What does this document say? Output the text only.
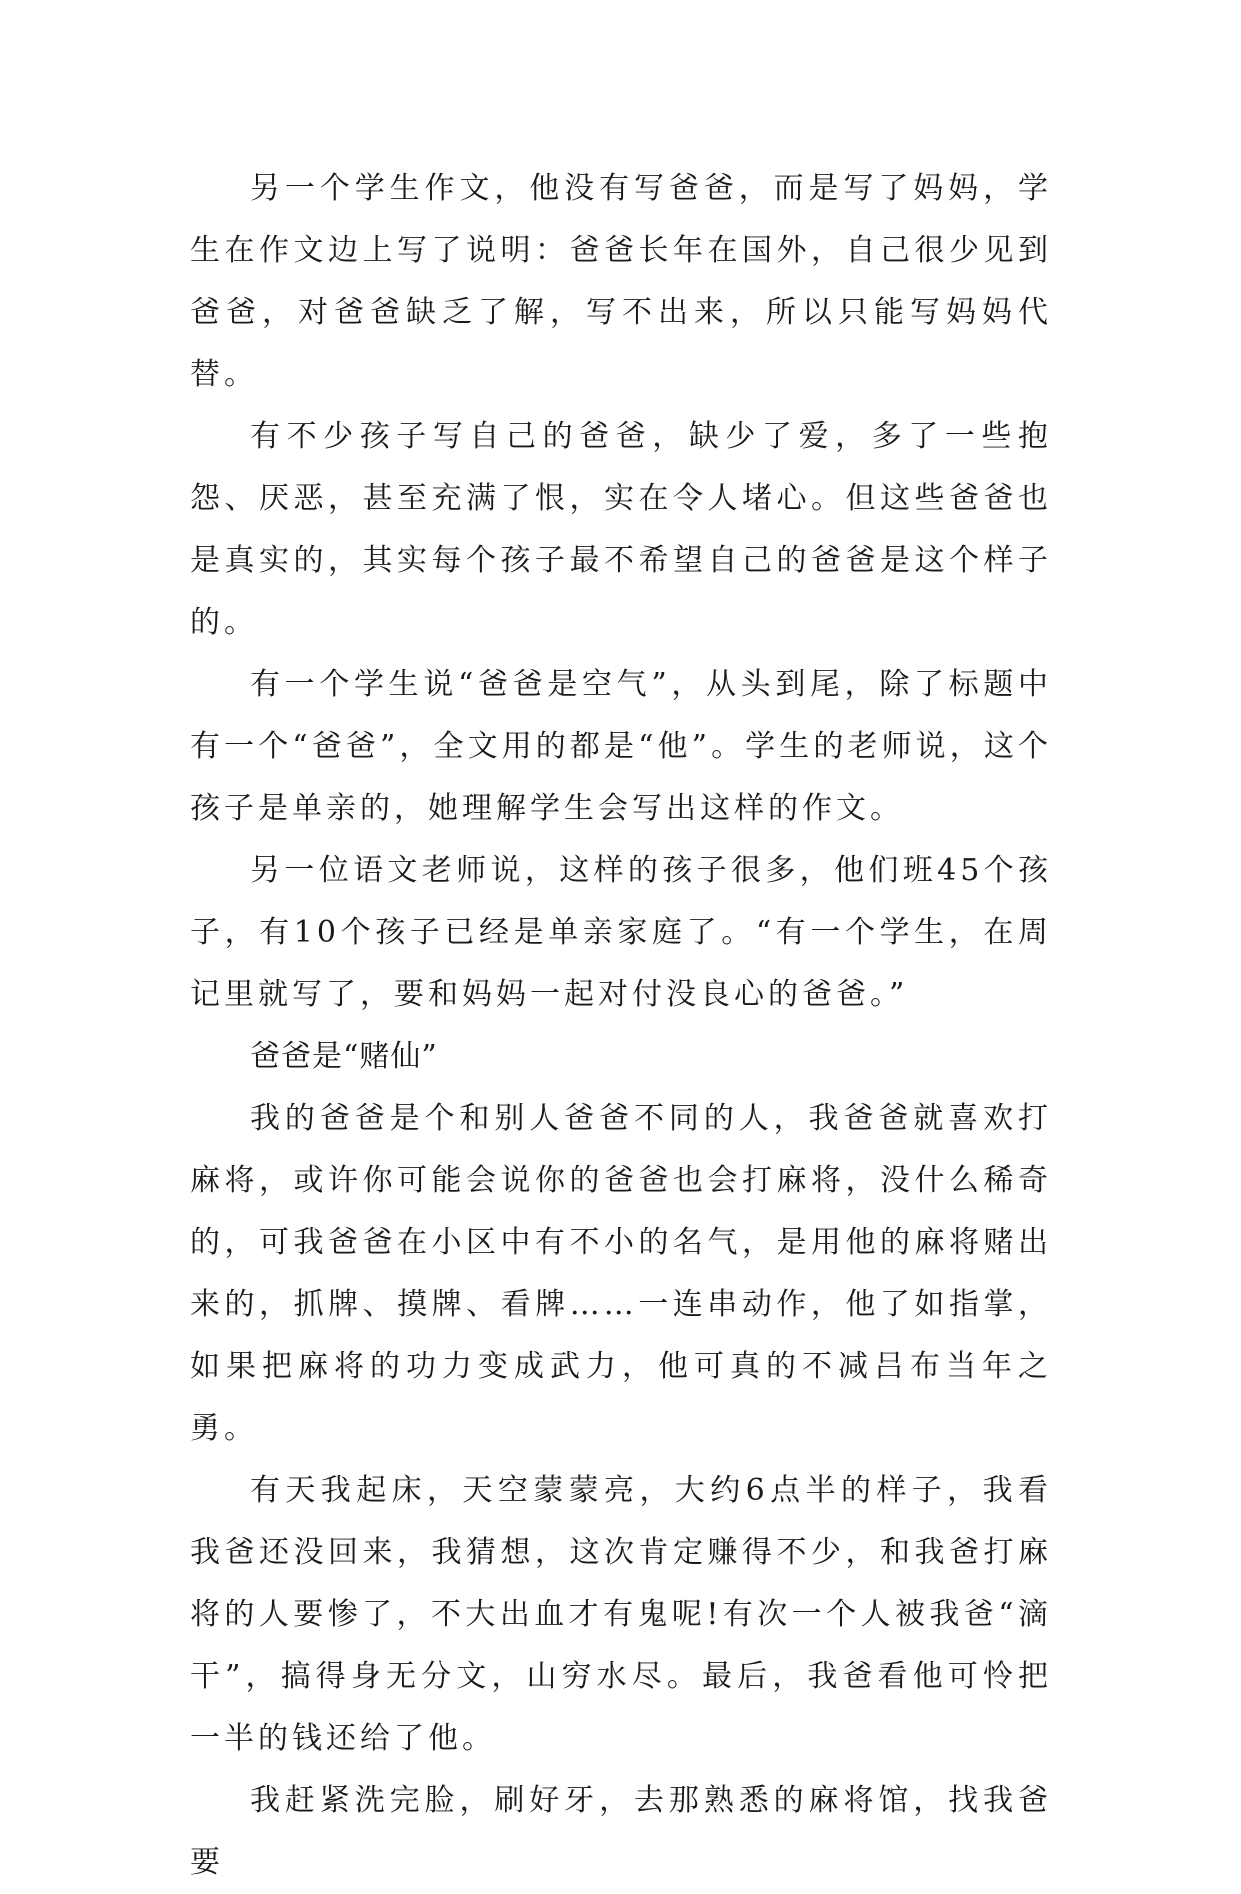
另一个学生作文，他没有写爸爸，而是写了妈妈，学生在作文边上写了说明：爸爸长年在国外，自己很少见到爸爸，对爸爸缺乏了解，写不出来，所以只能写妈妈代替。

有不少孩子写自己的爸爸，缺少了爱，多了一些抱怨、厌恶，甚至充满了恨，实在令人堵心。但这些爸爸也是真实的，其实每个孩子最不希望自己的爸爸是这个样子的。

有一个学生说“爸爸是空气”，从头到尾，除了标题中有一个“爸爸”，全文用的都是“他”。学生的老师说，这个孩子是单亲的，她理解学生会写出这样的作文。

另一位语文老师说，这样的孩子很多，他们班45个孩子，有10个孩子已经是单亲家庭了。“有一个学生，在周记里就写了，要和妈妈一起对付没良心的爸爸。”

爸爸是“赌仙”

我的爸爸是个和别人爸爸不同的人，我爸爸就喜欢打麻将，或许你可能会说你的爸爸也会打麻将，没什么稀奇的，可我爸爸在小区中有不小的名气，是用他的麻将赌出来的，抓牌、摸牌、看牌……一连串动作，他了如指掌，如果把麻将的功力变成武力，他可真的不减吕布当年之勇。

有天我起床，天空蒙蒙亮，大约6点半的样子，我看我爸还没回来，我猜想，这次肯定赚得不少，和我爸打麻将的人要惨了，不大出血才有鬼呢!有次一个人被我爸“滴干”，搞得身无分文，山穷水尽。最后，我爸看他可怜把一半的钱还给了他。

我赶紧洗完脸，刷好牙，去那熟悉的麻将馆，找我爸要
